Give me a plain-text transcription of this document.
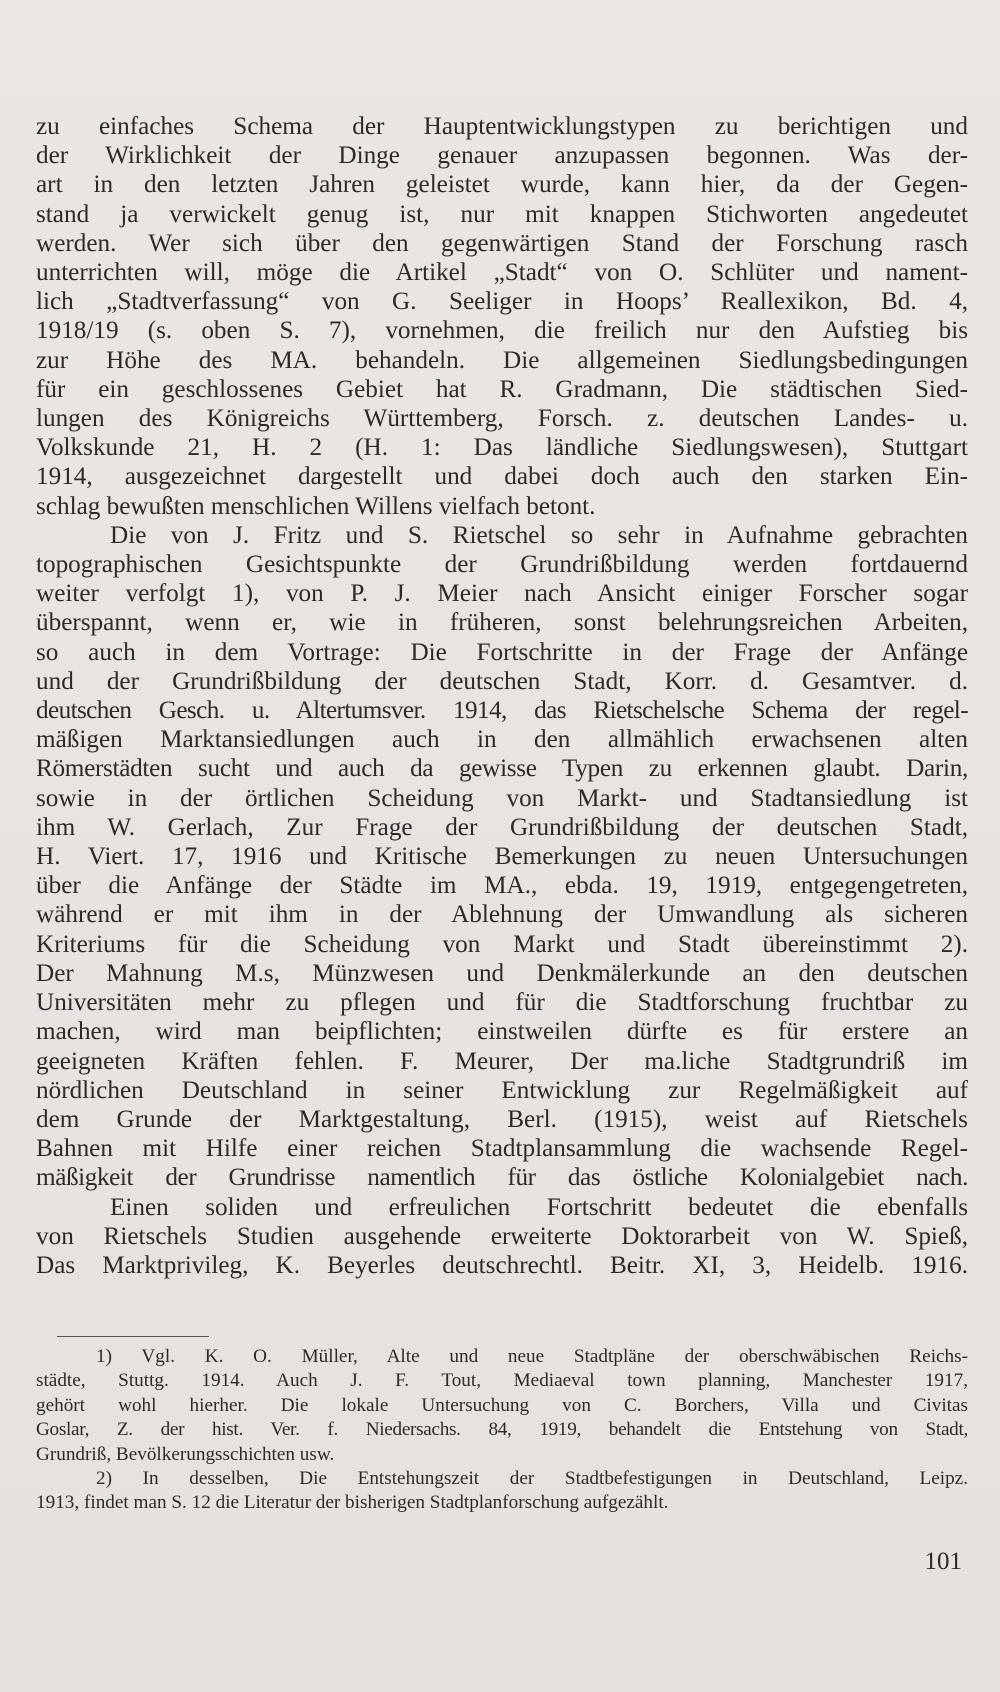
zu einfaches Schema der Hauptentwicklungstypen zu berichtigen und
der Wirklichkeit der Dinge genauer anzupassen begonnen. Was der-
art in den letzten Jahren geleistet wurde, kann hier, da der Gegen-
stand ja verwickelt genug ist, nur mit knappen Stichworten angedeutet
werden. Wer sich über den gegenwärtigen Stand der Forschung rasch
unterrichten will, möge die Artikel „Stadt“ von O. Schlüter und nament-
lich „Stadtverfassung“ von G. Seeliger in Hoops’ Reallexikon, Bd. 4,
1918/19 (s. oben S. 7), vornehmen, die freilich nur den Aufstieg bis
zur Höhe des MA. behandeln. Die allgemeinen Siedlungsbedingungen
für ein geschlossenes Gebiet hat R. Gradmann, Die städtischen Sied-
lungen des Königreichs Württemberg, Forsch. z. deutschen Landes- u.
Volkskunde 21, H. 2 (H. 1: Das ländliche Siedlungswesen), Stuttgart
1914, ausgezeichnet dargestellt und dabei doch auch den starken Ein-
schlag bewußten menschlichen Willens vielfach betont.
Die von J. Fritz und S. Rietschel so sehr in Aufnahme gebrachten
topographischen Gesichtspunkte der Grundrißbildung werden fortdauernd
weiter verfolgt 1), von P. J. Meier nach Ansicht einiger Forscher sogar
überspannt, wenn er, wie in früheren, sonst belehrungsreichen Arbeiten,
so auch in dem Vortrage: Die Fortschritte in der Frage der Anfänge
und der Grundrißbildung der deutschen Stadt, Korr. d. Gesamtver. d.
deutschen Gesch. u. Altertumsver. 1914, das Rietschelsche Schema der regel-
mäßigen Marktansiedlungen auch in den allmählich erwachsenen alten
Römerstädten sucht und auch da gewisse Typen zu erkennen glaubt. Darin,
sowie in der örtlichen Scheidung von Markt- und Stadtansiedlung ist
ihm W. Gerlach, Zur Frage der Grundrißbildung der deutschen Stadt,
H. Viert. 17, 1916 und Kritische Bemerkungen zu neuen Untersuchungen
über die Anfänge der Städte im MA., ebda. 19, 1919, entgegengetreten,
während er mit ihm in der Ablehnung der Umwandlung als sicheren
Kriteriums für die Scheidung von Markt und Stadt übereinstimmt 2).
Der Mahnung M.s, Münzwesen und Denkmälerkunde an den deutschen
Universitäten mehr zu pflegen und für die Stadtforschung fruchtbar zu
machen, wird man beipflichten; einstweilen dürfte es für erstere an
geeigneten Kräften fehlen. F. Meurer, Der ma.liche Stadtgrundriß im
nördlichen Deutschland in seiner Entwicklung zur Regelmäßigkeit auf
dem Grunde der Marktgestaltung, Berl. (1915), weist auf Rietschels
Bahnen mit Hilfe einer reichen Stadtplansammlung die wachsende Regel-
mäßigkeit der Grundrisse namentlich für das östliche Kolonialgebiet nach.
Einen soliden und erfreulichen Fortschritt bedeutet die ebenfalls
von Rietschels Studien ausgehende erweiterte Doktorarbeit von W. Spieß,
Das Marktprivileg, K. Beyerles deutschrechtl. Beitr. XI, 3, Heidelb. 1916.
1) Vgl. K. O. Müller, Alte und neue Stadtpläne der oberschwäbischen Reichs-
städte, Stuttg. 1914. Auch J. F. Tout, Mediaeval town planning, Manchester 1917,
gehört wohl hierher. Die lokale Untersuchung von C. Borchers, Villa und Civitas
Goslar, Z. der hist. Ver. f. Niedersachs. 84, 1919, behandelt die Entstehung von Stadt,
Grundriß, Bevölkerungsschichten usw.
2) In desselben, Die Entstehungszeit der Stadtbefestigungen in Deutschland, Leipz.
1913, findet man S. 12 die Literatur der bisherigen Stadtplanforschung aufgezählt.
101
